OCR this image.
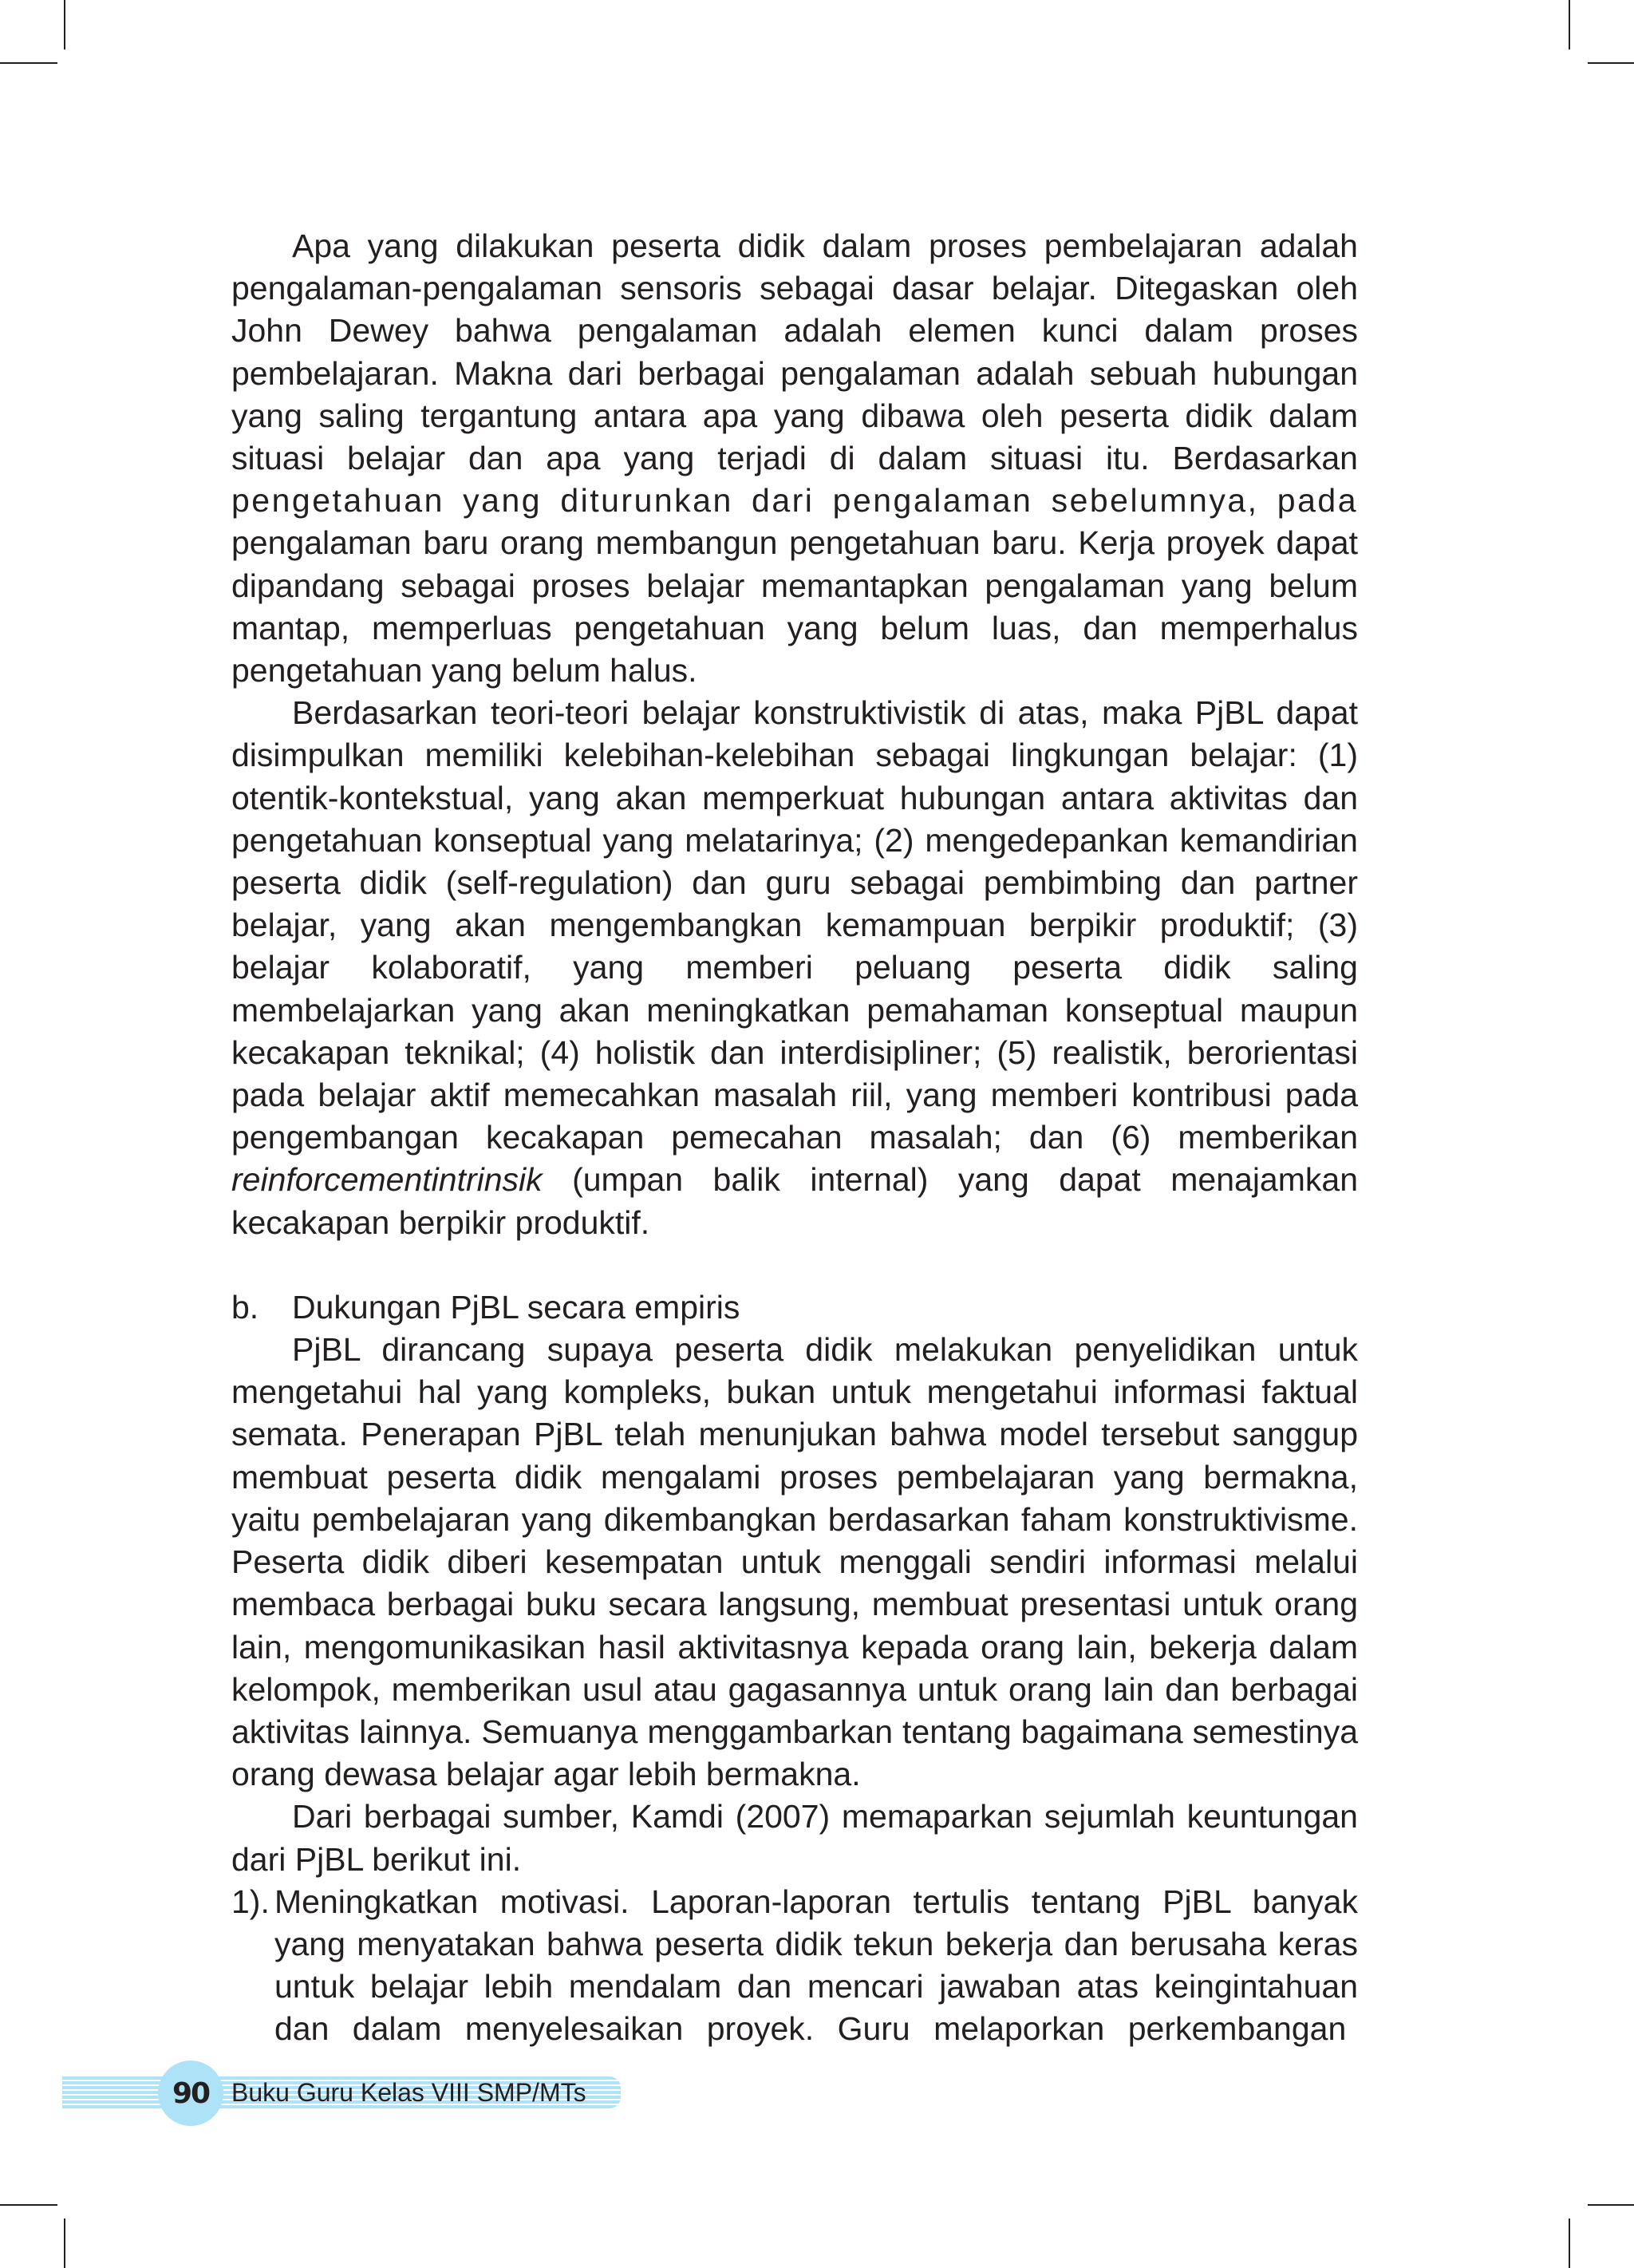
Apa yang dilakukan peserta didik dalam proses pembelajaran adalah pengalaman-pengalaman sensoris sebagai dasar belajar. Ditegaskan oleh John Dewey bahwa pengalaman adalah elemen kunci dalam proses pembelajaran. Makna dari berbagai pengalaman adalah sebuah hubungan yang saling tergantung antara apa yang dibawa oleh peserta didik dalam situasi belajar dan apa yang terjadi di dalam situasi itu. Berdasarkan pengetahuan yang diturunkan dari pengalaman sebelumnya, pada pengalaman baru orang membangun pengetahuan baru. Kerja proyek dapat dipandang sebagai proses belajar memantapkan pengalaman yang belum mantap, memperluas pengetahuan yang belum luas, dan memperhalus pengetahuan yang belum halus.

Berdasarkan teori-teori belajar konstruktivistik di atas, maka PjBL dapat disimpulkan memiliki kelebihan-kelebihan sebagai lingkungan belajar: (1) otentik-kontekstual, yang akan memperkuat hubungan antara aktivitas dan pengetahuan konseptual yang melatarinya; (2) mengedepankan kemandirian peserta didik (self-regulation) dan guru sebagai pembimbing dan partner belajar, yang akan mengembangkan kemampuan berpikir produktif; (3) belajar kolaboratif, yang memberi peluang peserta didik saling membelajarkan yang akan meningkatkan pemahaman konseptual maupun kecakapan teknikal; (4) holistik dan interdisipliner; (5) realistik, berorientasi pada belajar aktif memecahkan masalah riil, yang memberi kontribusi pada pengembangan kecakapan pemecahan masalah; dan (6) memberikan reinforcementintrinsik (umpan balik internal) yang dapat menajamkan kecakapan berpikir produktif.

b.	Dukungan PjBL secara empiris

PjBL dirancang supaya peserta didik melakukan penyelidikan untuk mengetahui hal yang kompleks, bukan untuk mengetahui informasi faktual semata. Penerapan PjBL telah menunjukan bahwa model tersebut sanggup membuat peserta didik mengalami proses pembelajaran yang bermakna, yaitu pembelajaran yang dikembangkan berdasarkan faham konstruktivisme. Peserta didik diberi kesempatan untuk menggali sendiri informasi melalui membaca berbagai buku secara langsung, membuat presentasi untuk orang lain, mengomunikasikan hasil aktivitasnya kepada orang lain, bekerja dalam kelompok, memberikan usul atau gagasannya untuk orang lain dan berbagai aktivitas lainnya. Semuanya menggambarkan tentang bagaimana semestinya orang dewasa belajar agar lebih bermakna.

Dari berbagai sumber, Kamdi (2007) memaparkan sejumlah keuntungan dari PjBL berikut ini.

1). Meningkatkan motivasi. Laporan-laporan tertulis tentang PjBL banyak yang menyatakan bahwa peserta didik tekun bekerja dan berusaha keras untuk belajar lebih mendalam dan mencari jawaban atas keingintahuan dan dalam menyelesaikan proyek. Guru melaporkan perkembangan
90 Buku Guru Kelas VIII SMP/MTs
